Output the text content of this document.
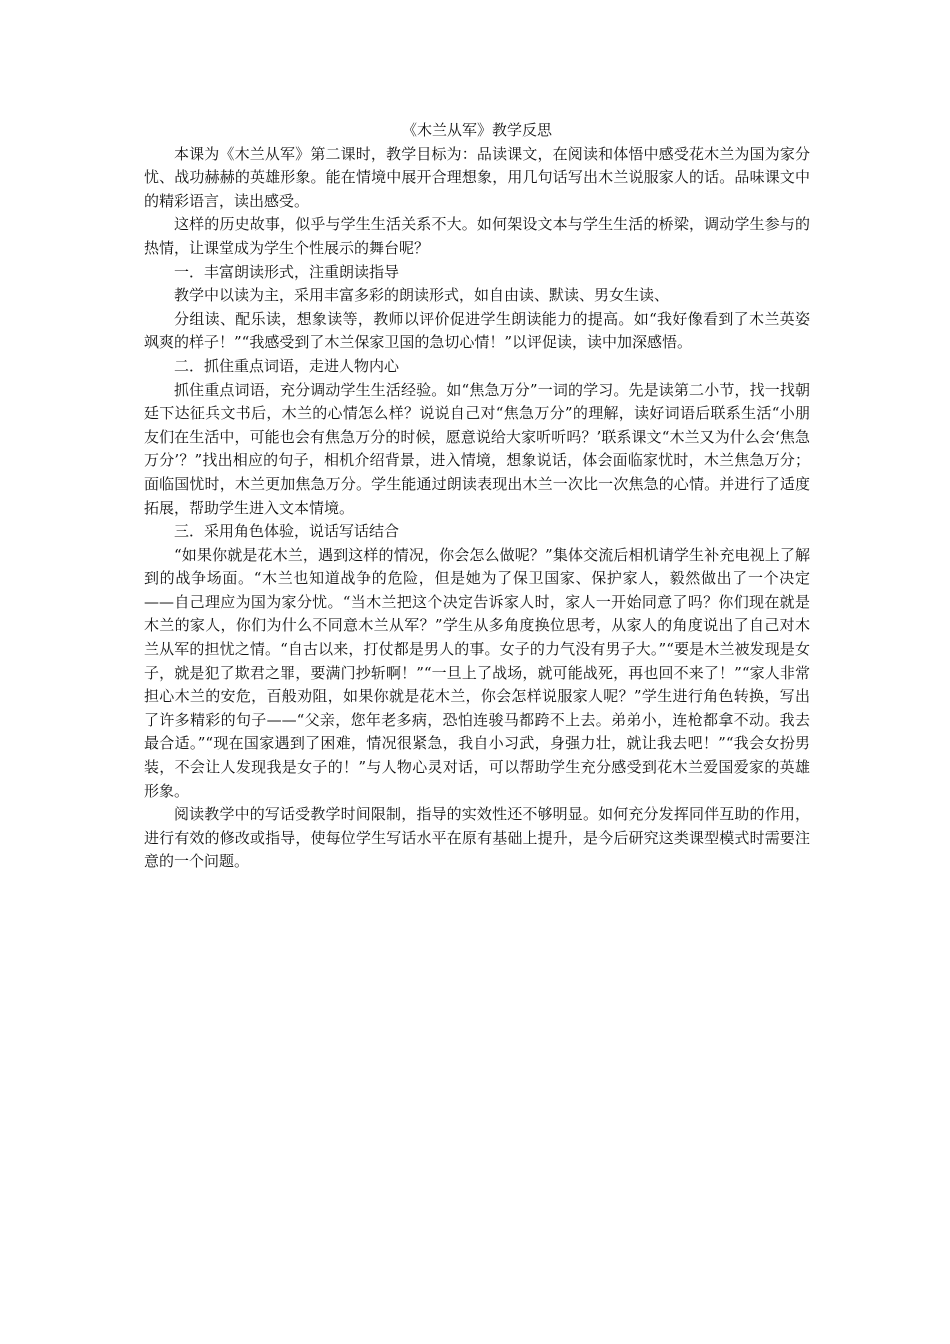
《木兰从军》教学反思

本课为《木兰从军》第二课时，教学目标为：品读课文，在阅读和体悟中感受花木兰为国为家分忧、战功赫赫的英雄形象。能在情境中展开合理想象，用几句话写出木兰说服家人的话。品味课文中的精彩语言，读出感受。

这样的历史故事，似乎与学生生活关系不大。如何架设文本与学生生活的桥梁，调动学生参与的热情，让课堂成为学生个性展示的舞台呢？

一．丰富朗读形式，注重朗读指导

教学中以读为主，采用丰富多彩的朗读形式，如自由读、默读、男女生读、

分组读、配乐读，想象读等，教师以评价促进学生朗读能力的提高。如“我好像看到了木兰英姿飒爽的样子！”“我感受到了木兰保家卫国的急切心情！”以评促读，读中加深感悟。

二．抓住重点词语，走进人物内心

抓住重点词语，充分调动学生生活经验。如“焦急万分”一词的学习。先是读第二小节，找一找朝廷下达征兵文书后，木兰的心情怎么样？说说自己对“焦急万分”的理解，读好词语后联系生活“小朋友们在生活中，可能也会有焦急万分的时候，愿意说给大家听听吗？’联系课文“木兰又为什么会‘焦急万分’？”找出相应的句子，相机介绍背景，进入情境，想象说话，体会面临家忧时，木兰焦急万分；面临国忧时，木兰更加焦急万分。学生能通过朗读表现出木兰一次比一次焦急的心情。并进行了适度拓展，帮助学生进入文本情境。

三．采用角色体验，说话写话结合

“如果你就是花木兰，遇到这样的情况，你会怎么做呢？”集体交流后相机请学生补充电视上了解到的战争场面。“木兰也知道战争的危险，但是她为了保卫国家、保护家人，毅然做出了一个决定——自己理应为国为家分忧。“当木兰把这个决定告诉家人时，家人一开始同意了吗？你们现在就是木兰的家人，你们为什么不同意木兰从军？”学生从多角度换位思考，从家人的角度说出了自己对木兰从军的担忧之情。“自古以来，打仗都是男人的事。女子的力气没有男子大。”“要是木兰被发现是女子，就是犯了欺君之罪，要满门抄斩啊！”“一旦上了战场，就可能战死，再也回不来了！”“家人非常担心木兰的安危，百般劝阻，如果你就是花木兰，你会怎样说服家人呢？”学生进行角色转换，写出了许多精彩的句子——“父亲，您年老多病，恐怕连骏马都跨不上去。弟弟小，连枪都拿不动。我去最合适。”“现在国家遇到了困难，情况很紧急，我自小习武，身强力壮，就让我去吧！”“我会女扮男装，不会让人发现我是女子的！”与人物心灵对话，可以帮助学生充分感受到花木兰爱国爱家的英雄形象。

阅读教学中的写话受教学时间限制，指导的实效性还不够明显。如何充分发挥同伴互助的作用，进行有效的修改或指导，使每位学生写话水平在原有基础上提升，是今后研究这类课型模式时需要注意的一个问题。
